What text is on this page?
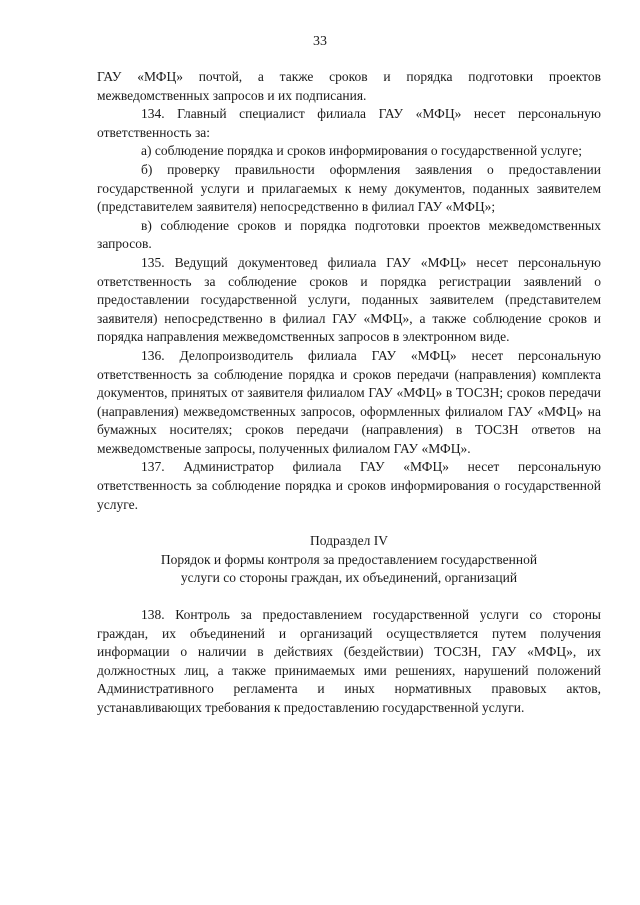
33

ГАУ «МФЦ» почтой, а также сроков и порядка подготовки проектов межведомственных запросов и их подписания.

134. Главный специалист филиала ГАУ «МФЦ» несет персональную ответственность за:

а) соблюдение порядка и сроков информирования о государственной услуге;

б) проверку правильности оформления заявления о предоставлении государственной услуги и прилагаемых к нему документов, поданных заявителем (представителем заявителя) непосредственно в филиал ГАУ «МФЦ»;

в) соблюдение сроков и порядка подготовки проектов межведомственных запросов.

135. Ведущий документовед филиала ГАУ «МФЦ» несет персональную ответственность за соблюдение сроков и порядка регистрации заявлений о предоставлении государственной услуги, поданных заявителем (представителем заявителя) непосредственно в филиал ГАУ «МФЦ», а также соблюдение сроков и порядка направления межведомственных запросов в электронном виде.

136. Делопроизводитель филиала ГАУ «МФЦ» несет персональную ответственность за соблюдение порядка и сроков передачи (направления) комплекта документов, принятых от заявителя филиалом ГАУ «МФЦ» в ТОСЗН; сроков передачи (направления) межведомственных запросов, оформленных филиалом ГАУ «МФЦ» на бумажных носителях; сроков передачи (направления) в ТОСЗН ответов на межведомственые запросы, полученных филиалом ГАУ «МФЦ».

137. Администратор филиала ГАУ «МФЦ» несет персональную ответственность за соблюдение порядка и сроков информирования о государственной услуге.

Подраздел IV

Порядок и формы контроля за предоставлением государственной

услуги со стороны граждан, их объединений, организаций

138. Контроль за предоставлением государственной услуги со стороны граждан, их объединений и организаций осуществляется путем получения информации о наличии в действиях (бездействии) ТОСЗН, ГАУ «МФЦ», их должностных лиц, а также принимаемых ими решениях, нарушений положений Административного регламента и иных нормативных правовых актов, устанавливающих требования к предоставлению государственной услуги.
